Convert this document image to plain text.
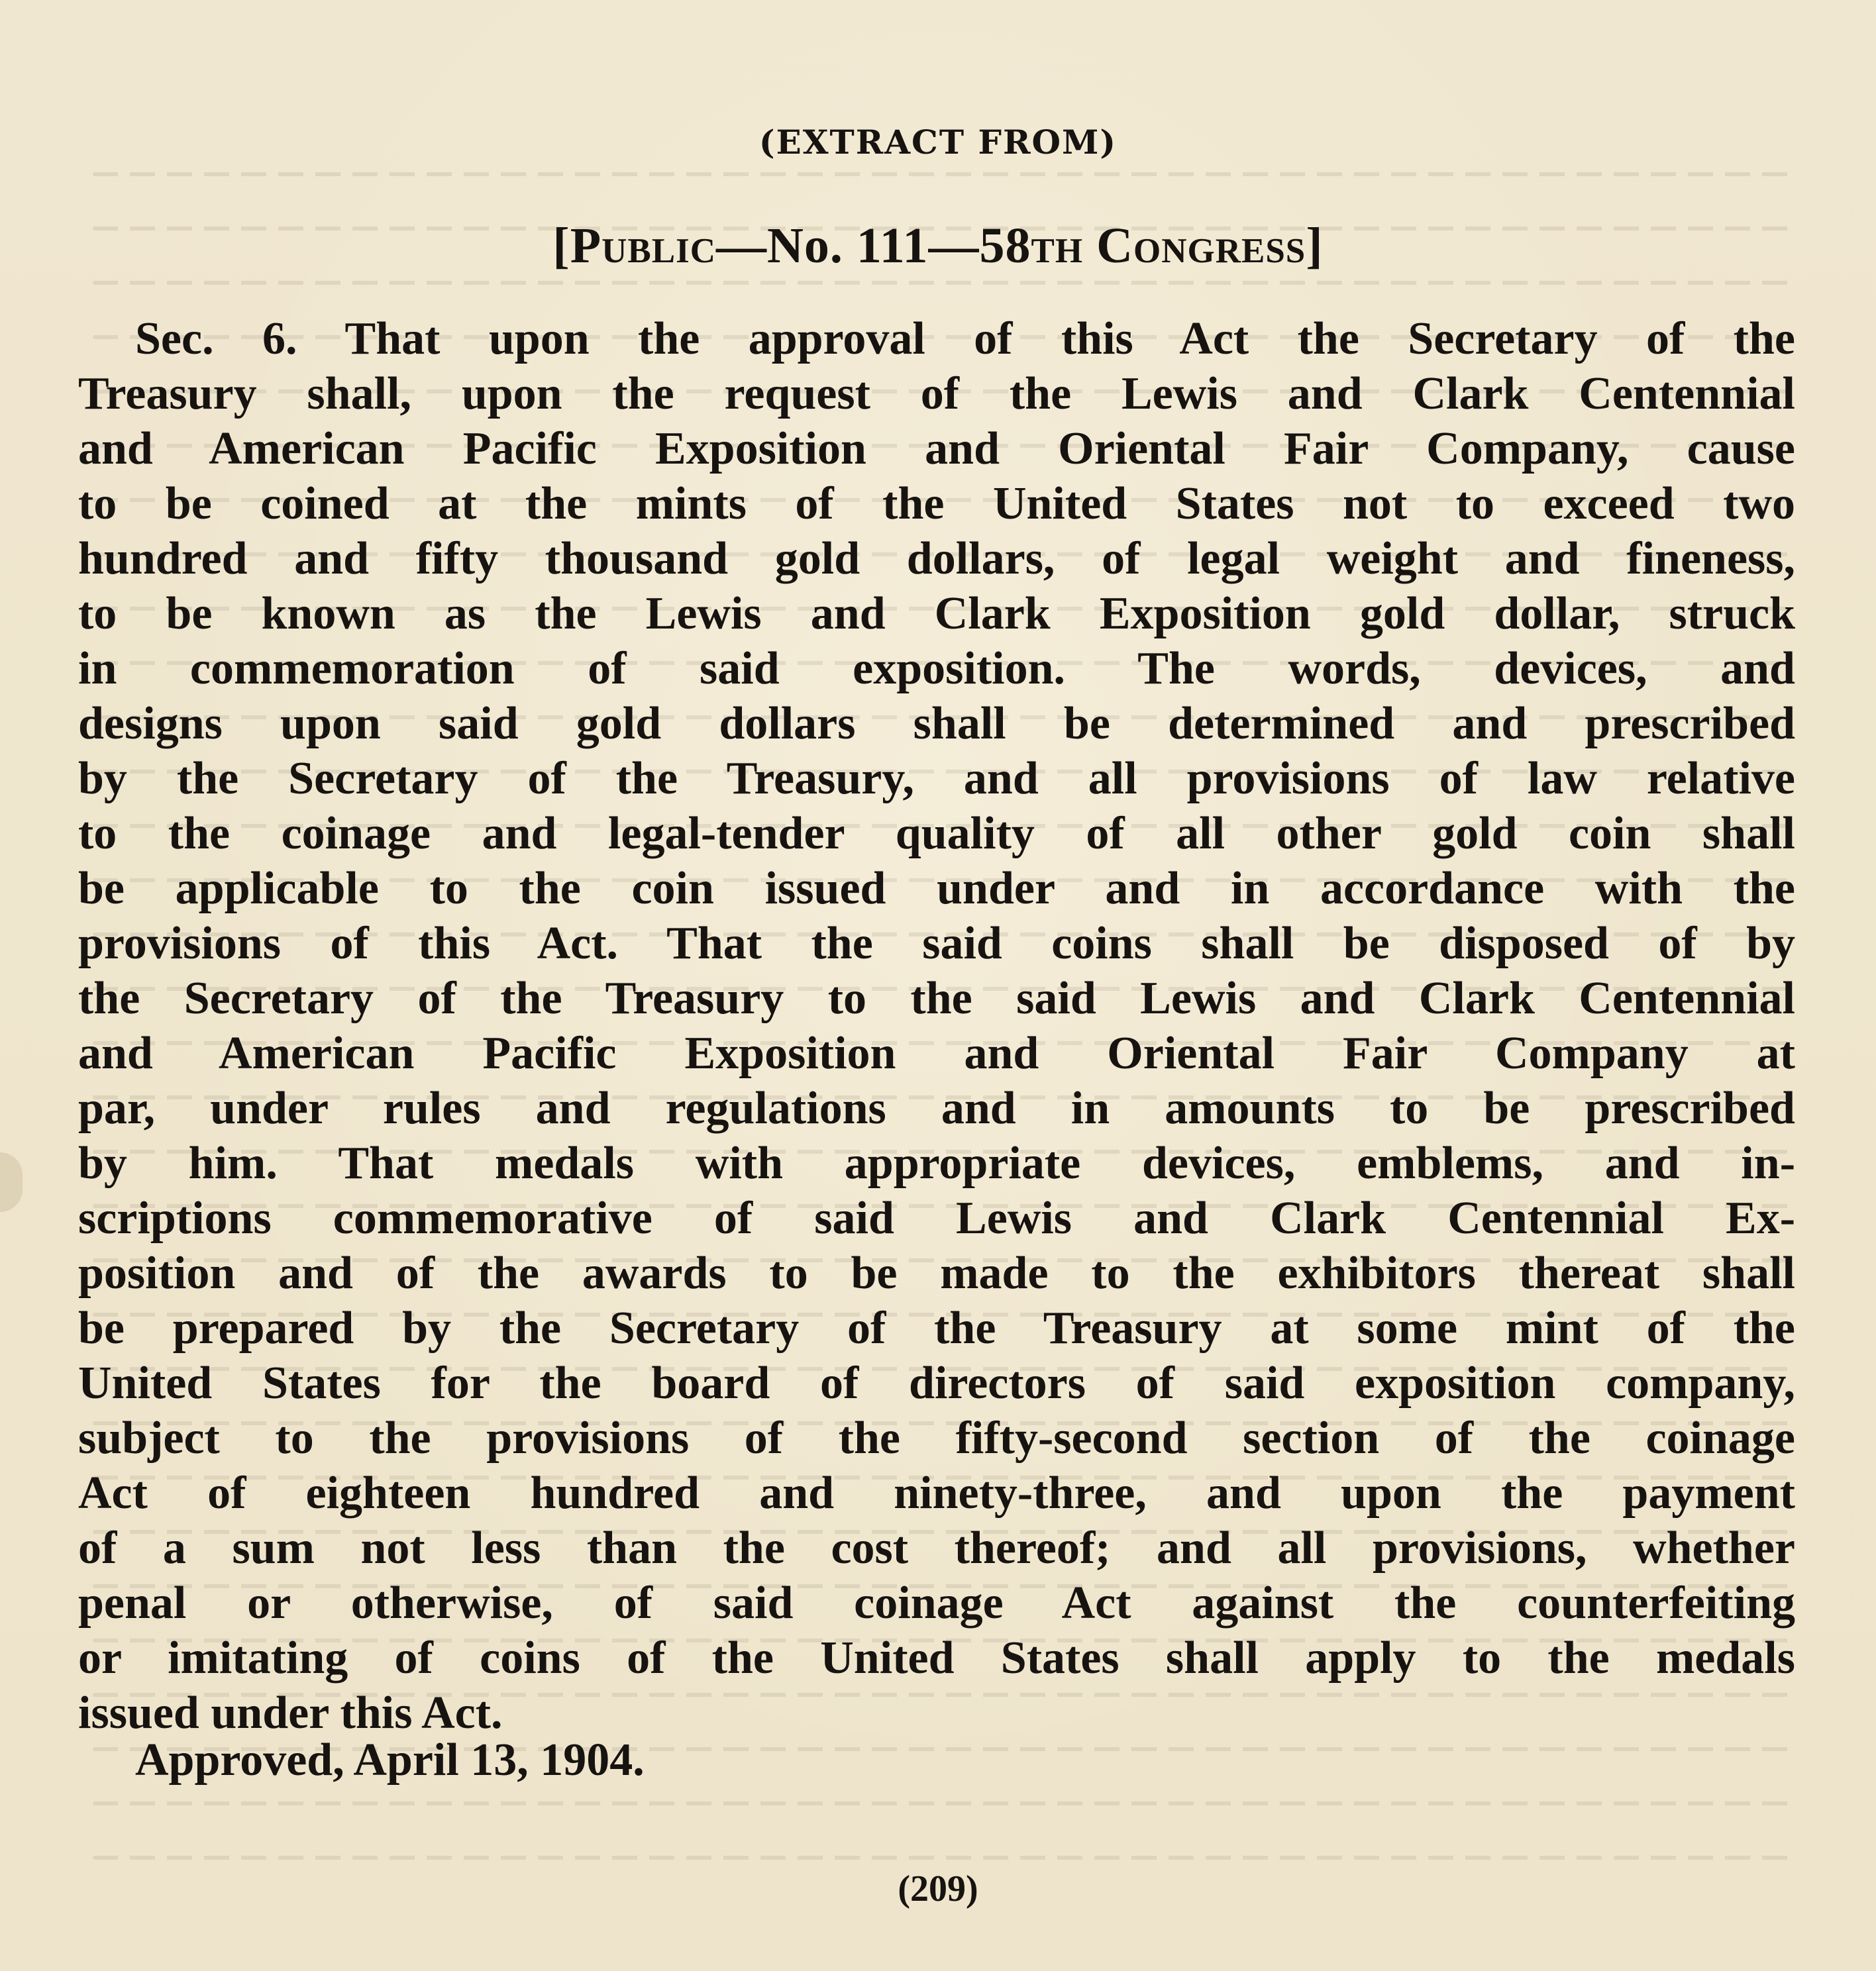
(EXTRACT FROM)
[Public—No. 111—58th Congress]
Sec. 6. That upon the approval of this Act the Secretary of the
Treasury shall, upon the request of the Lewis and Clark Centennial
and American Pacific Exposition and Oriental Fair Company, cause
to be coined at the mints of the United States not to exceed two
hundred and fifty thousand gold dollars, of legal weight and fineness,
to be known as the Lewis and Clark Exposition gold dollar, struck
in commemoration of said exposition. The words, devices, and
designs upon said gold dollars shall be determined and prescribed
by the Secretary of the Treasury, and all provisions of law relative
to the coinage and legal-tender quality of all other gold coin shall
be applicable to the coin issued under and in accordance with the
provisions of this Act. That the said coins shall be disposed of by
the Secretary of the Treasury to the said Lewis and Clark Centennial
and American Pacific Exposition and Oriental Fair Company at
par, under rules and regulations and in amounts to be prescribed
by him. That medals with appropriate devices, emblems, and in-
scriptions commemorative of said Lewis and Clark Centennial Ex-
position and of the awards to be made to the exhibitors thereat shall
be prepared by the Secretary of the Treasury at some mint of the
United States for the board of directors of said exposition company,
subject to the provisions of the fifty-second section of the coinage
Act of eighteen hundred and ninety-three, and upon the payment
of a sum not less than the cost thereof; and all provisions, whether
penal or otherwise, of said coinage Act against the counterfeiting
or imitating of coins of the United States shall apply to the medals
issued under this Act.
Approved, April 13, 1904.
(209)
